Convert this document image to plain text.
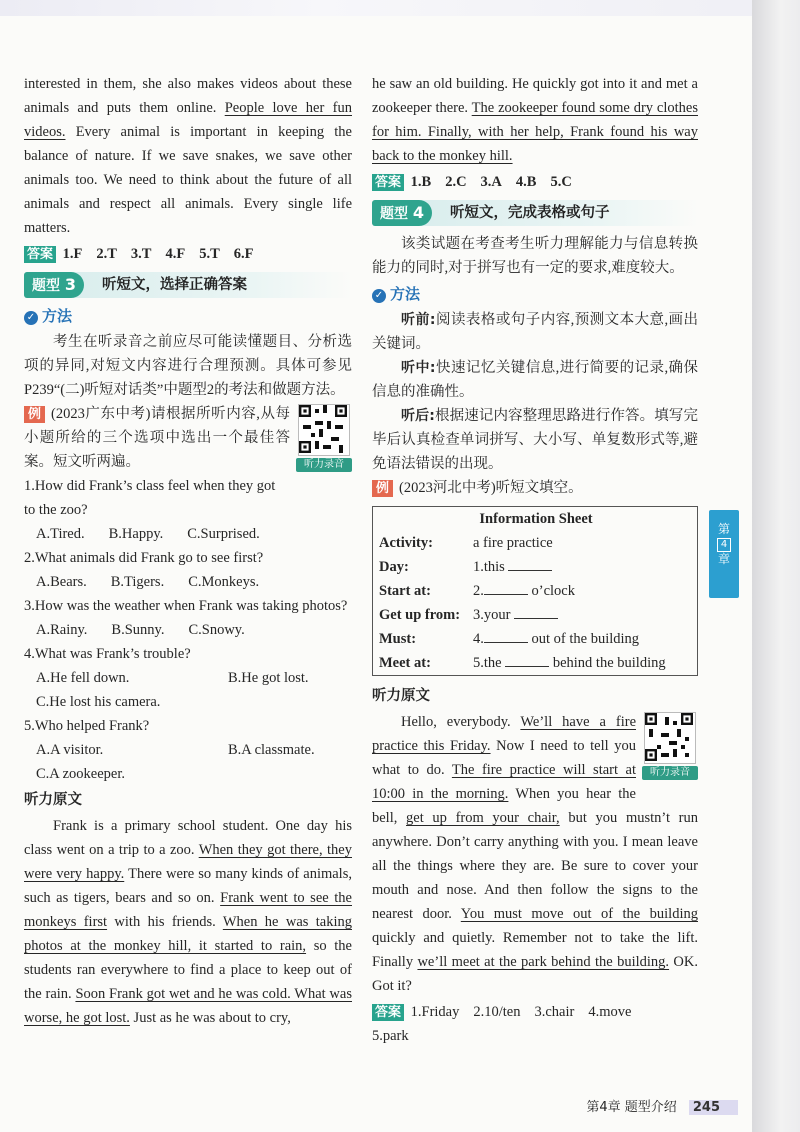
interested in them, she also makes videos about these animals and puts them online. People love her fun videos. Every animal is important in keeping the balance of nature. If we save snakes, we save other animals too. We need to think about the future of all animals and respect all animals. Every single life matters.

答案 1.F 2.T 3.T 4.F 5.T 6.F

题型 3	听短文，选择正确答案
✓ 方法

考生在听录音之前应尽可能读懂题目、分析选项的异同,对短文内容进行合理预测。具体可参见P239“(二)听短对话类”中题型2的考法和做题方法。

听力录音

例 (2023广东中考)请根据所听内容,从每小题所给的三个选项中选出一个最佳答案。短文听两遍。

1.How did Frank’s class feel when they got to the zoo?

A.Tired. B.Happy. C.Surprised.

2.What animals did Frank go to see first?

A.Bears. B.Tigers. C.Monkeys.

3.How was the weather when Frank was taking photos?

A.Rainy. B.Sunny. C.Snowy.

4.What was Frank’s trouble?

A.He fell down.	B.He got lost.
C.He lost his camera.

5.Who helped Frank?

A.A visitor.	B.A classmate.
C.A zookeeper.
听力原文

Frank is a primary school student. One day his class went on a trip to a zoo. When they got there, they were very happy. There were so many kinds of animals, such as tigers, bears and so on. Frank went to see the monkeys first with his friends. When he was taking photos at the monkey hill, it started to rain, so the students ran everywhere to find a place to keep out of the rain. Soon Frank got wet and he was cold. What was worse, he got lost. Just as he was about to cry,

he saw an old building. He quickly got into it and met a zookeeper there. The zookeeper found some dry clothes for him. Finally, with her help, Frank found his way back to the monkey hill.

答案 1.B 2.C 3.A 4.B 5.C

题型 4	听短文，完成表格或句子

该类试题在考查考生听力理解能力与信息转换能力的同时,对于拼写也有一定的要求,难度较大。

✓ 方法

听前:阅读表格或句子内容,预测文本大意,画出关键词。

听中:快速记忆关键信息,进行简要的记录,确保信息的准确性。

听后:根据速记内容整理思路进行作答。填写完毕后认真检查单词拼写、大小写、单复数形式等,避免语法错误的出现。

例 (2023河北中考)听短文填空。

Information Sheet	
Activity:	a fire practice
Day:	1.this
Start at:	2. o’clock
Get up from:	3.your
Must:	4. out of the building
Meet at:	5.the behind the building
听力原文
听力录音

Hello, everybody. We’ll have a fire practice this Friday. Now I need to tell you what to do. The fire practice will start at 10:00 in the morning. When you hear the bell, get up from your chair, but you mustn’t run anywhere. Don’t carry anything with you. I mean leave all the things where they are. Be sure to cover your mouth and nose. And then follow the signs to the nearest door. You must move out of the building quickly and quietly. Remember not to take the lift. Finally we’ll meet at the park behind the building. OK. Got it?

答案 1.Friday 2.10/ten 3.chair 4.move
5.park

第
4
章
第4章 题型介绍 245
